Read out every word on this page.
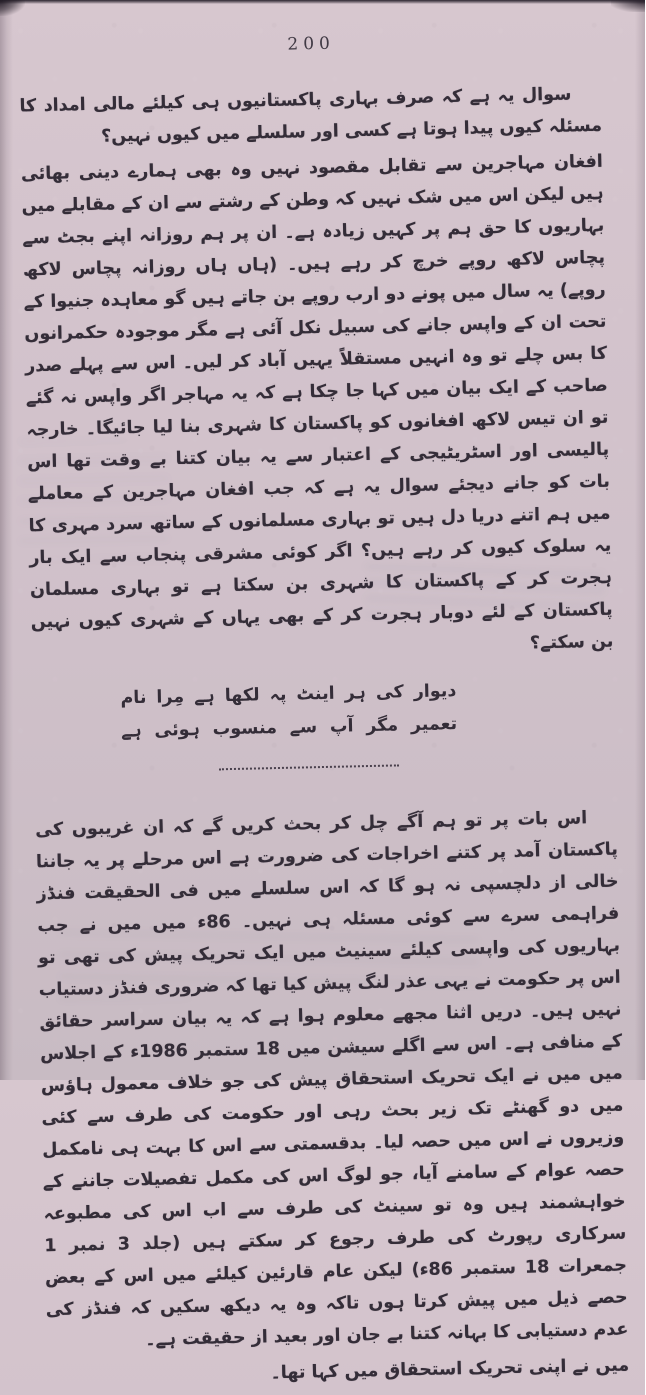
200

سوال یہ ہے کہ صرف بہاری پاکستانیوں ہی کیلئے مالی امداد کا مسئلہ کیوں پیدا ہوتا ہے کسی اور سلسلے میں کیوں نہیں؟

افغان مہاجرین سے تقابل مقصود نہیں وہ بھی ہمارے دینی بھائی ہیں لیکن اس میں شک نہیں کہ وطن کے رشتے سے ان کے مقابلے میں بہاریوں کا حق ہم پر کہیں زیادہ ہے۔ ان پر ہم روزانہ اپنے بجٹ سے پچاس لاکھ روپے خرچ کر رہے ہیں۔ (ہاں ہاں روزانہ پچاس لاکھ روپے) یہ سال میں پونے دو ارب روپے بن جاتے ہیں گو معاہدہ جنیوا کے تحت ان کے واپس جانے کی سبیل نکل آئی ہے مگر موجودہ حکمرانوں کا بس چلے تو وہ انہیں مستقلاً یہیں آباد کر لیں۔ اس سے پہلے صدر صاحب کے ایک بیان میں کہا جا چکا ہے کہ یہ مہاجر اگر واپس نہ گئے تو ان تیس لاکھ افغانوں کو پاکستان کا شہری بنا لیا جائیگا۔ خارجہ پالیسی اور اسٹریٹیجی کے اعتبار سے یہ بیان کتنا بے وقت تھا اس بات کو جانے دیجئے سوال یہ ہے کہ جب افغان مہاجرین کے معاملے میں ہم اتنے دریا دل ہیں تو بہاری مسلمانوں کے ساتھ سرد مہری کا یہ سلوک کیوں کر رہے ہیں؟ اگر کوئی مشرقی پنجاب سے ایک بار ہجرت کر کے پاکستان کا شہری بن سکتا ہے تو بہاری مسلمان پاکستان کے لئے دوبار ہجرت کر کے بھی یہاں کے شہری کیوں نہیں بن سکتے؟

دیوار
کی
ہر
اینٹ
پہ
لکھا
ہے
مِرا
نام
تعمیر
مگر
آپ
سے
منسوب
ہوئی
ہے

اس بات پر تو ہم آگے چل کر بحث کریں گے کہ ان غریبوں کی پاکستان آمد پر کتنے اخراجات کی ضرورت ہے اس مرحلے پر یہ جاننا خالی از دلچسپی نہ ہو گا کہ اس سلسلے میں فی الحقیقت فنڈز فراہمی سرے سے کوئی مسئلہ ہی نہیں۔ 86ء میں میں نے جب بہاریوں کی واپسی کیلئے سینیٹ میں ایک تحریک پیش کی تھی تو اس پر حکومت نے یہی عذر لنگ پیش کیا تھا کہ ضروری فنڈز دستیاب نہیں ہیں۔ دریں اثنا مجھے معلوم ہوا ہے کہ یہ بیان سراسر حقائق کے منافی ہے۔ اس سے اگلے سیشن میں 18 ستمبر 1986ء کے اجلاس میں میں نے ایک تحریک استحقاق پیش کی جو خلاف معمول ہاؤس میں دو گھنٹے تک زیر بحث رہی اور حکومت کی طرف سے کئی وزیروں نے اس میں حصہ لیا۔ بدقسمتی سے اس کا بہت ہی نامکمل حصہ عوام کے سامنے آیا، جو لوگ اس کی مکمل تفصیلات جاننے کے خواہشمند ہیں وہ تو سینٹ کی طرف سے اب اس کی مطبوعہ سرکاری رپورٹ کی طرف رجوع کر سکتے ہیں (جلد 3 نمبر 1 جمعرات 18 ستمبر 86ء) لیکن عام قارئین کیلئے میں اس کے بعض حصے ذیل میں پیش کرتا ہوں تاکہ وہ یہ دیکھ سکیں کہ فنڈز کی عدم دستیابی کا بہانہ کتنا بے جان اور بعید از حقیقت ہے۔

میں نے اپنی تحریک استحقاق میں کہا تھا۔
